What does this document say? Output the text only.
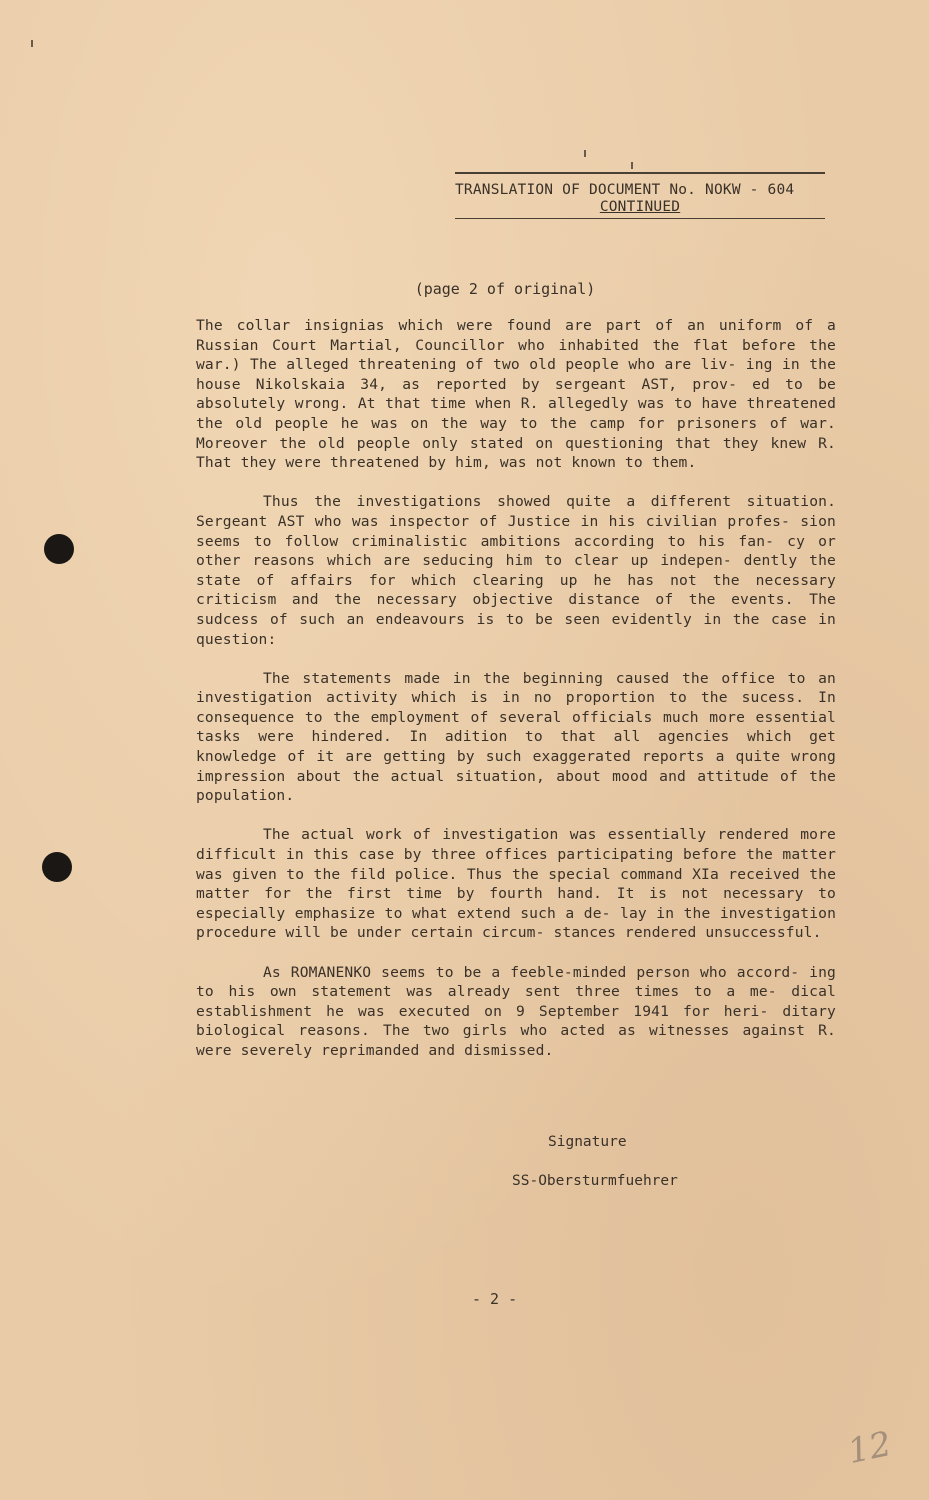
TRANSLATION OF DOCUMENT No. NOKW - 604
CONTINUED
(page 2 of original)

The collar insignias which were found are part of an uniform of a Russian Court Martial, Councillor who inhabited the flat before the war.) The alleged threatening of two old people who are liv- ing in the house Nikolskaia 34, as reported by sergeant AST, prov- ed to be absolutely wrong. At that time when R. allegedly was to have threatened the old people he was on the way to the camp for prisoners of war. Moreover the old people only stated on questioning that they knew R. That they were threatened by him, was not known to them.

Thus the investigations showed quite a different situation. Sergeant AST who was inspector of Justice in his civilian profes- sion seems to follow criminalistic ambitions according to his fan- cy or other reasons which are seducing him to clear up indepen- dently the state of affairs for which clearing up he has not the necessary criticism and the necessary objective distance of the events. The sudcess of such an endeavours is to be seen evidently in the case in question:

The statements made in the beginning caused the office to an investigation activity which is in no proportion to the sucess. In consequence to the employment of several officials much more essential tasks were hindered. In adition to that all agencies which get knowledge of it are getting by such exaggerated reports a quite wrong impression about the actual situation, about mood and attitude of the population.

The actual work of investigation was essentially rendered more difficult in this case by three offices participating before the matter was given to the fild police. Thus the special command XIa received the matter for the first time by fourth hand. It is not necessary to especially emphasize to what extend such a de- lay in the investigation procedure will be under certain circum- stances rendered unsuccessful.

As ROMANENKO seems to be a feeble-minded person who accord- ing to his own statement was already sent three times to a me- dical establishment he was executed on 9 September 1941 for heri- ditary biological reasons. The two girls who acted as witnesses against R. were severely reprimanded and dismissed.

Signature
SS-Obersturmfuehrer
- 2 -
12
